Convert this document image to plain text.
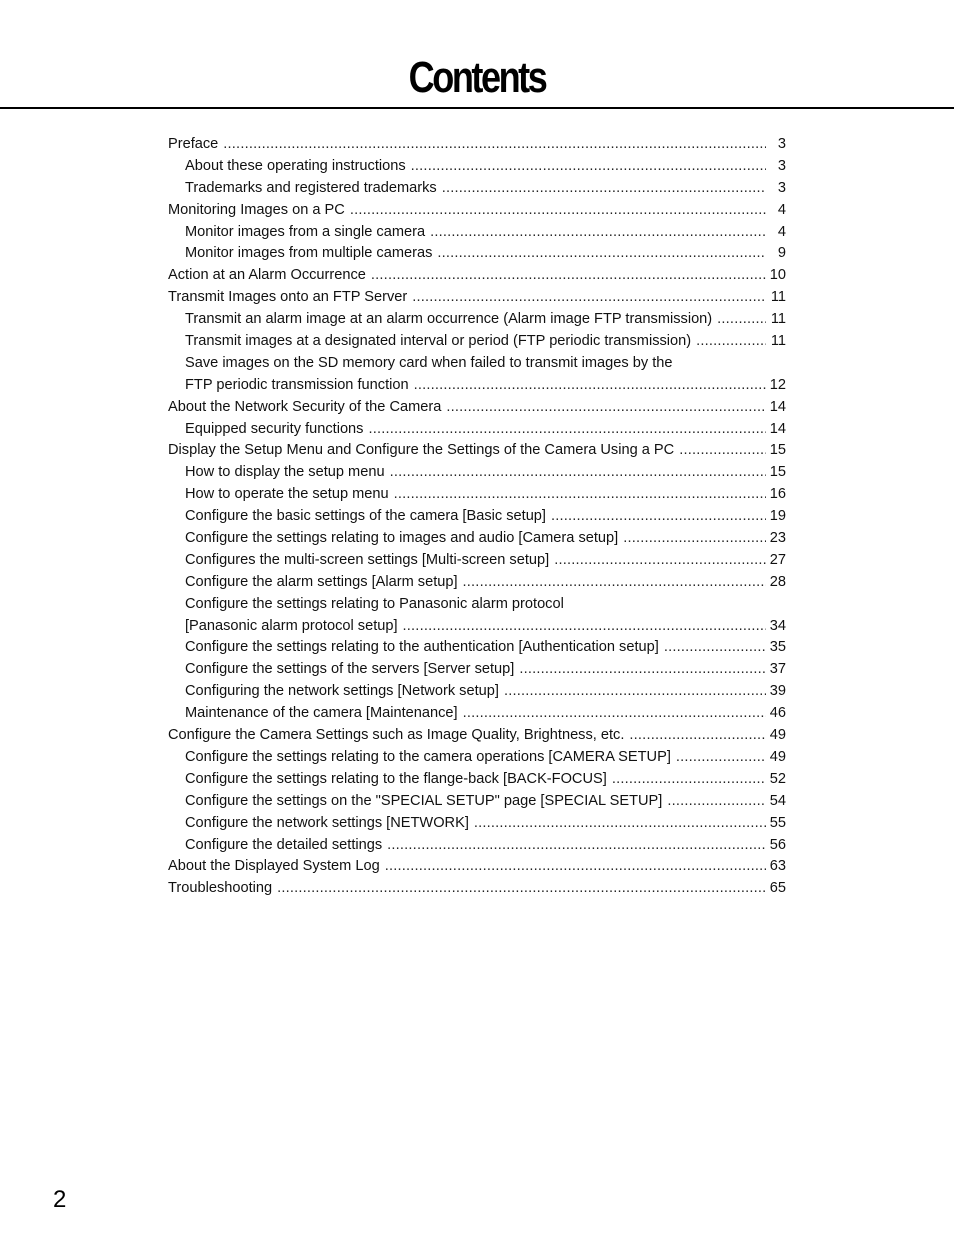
Contents
Preface .....	3
About these operating instructions .....	3
Trademarks and registered trademarks .....	3
Monitoring Images on a PC .....	4
Monitor images from a single camera .....	4
Monitor images from multiple cameras .....	9
Action at an Alarm Occurrence .....	10
Transmit Images onto an FTP Server .....	11
Transmit an alarm image at an alarm occurrence (Alarm image FTP transmission) .....	11
Transmit images at a designated interval or period (FTP periodic transmission) .....	11
Save images on the SD memory card when failed to transmit images by the
FTP periodic transmission function .....	12
About the Network Security of the Camera .....	14
Equipped security functions .....	14
Display the Setup Menu and Configure the Settings of the Camera Using a PC .....	15
How to display the setup menu .....	15
How to operate the setup menu .....	16
Configure the basic settings of the camera [Basic setup] .....	19
Configure the settings relating to images and audio [Camera setup] .....	23
Configures the multi-screen settings [Multi-screen setup] .....	27
Configure the alarm settings [Alarm setup] .....	28
Configure the settings relating to Panasonic alarm protocol
[Panasonic alarm protocol setup] .....	34
Configure the settings relating to the authentication [Authentication setup] .....	35
Configure the settings of the servers [Server setup] .....	37
Configuring the network settings [Network setup] .....	39
Maintenance of the camera [Maintenance] .....	46
Configure the Camera Settings such as Image Quality, Brightness, etc. .....	49
Configure the settings relating to the camera operations [CAMERA SETUP] .....	49
Configure the settings relating to the flange-back [BACK-FOCUS] .....	52
Configure the settings on the "SPECIAL SETUP" page [SPECIAL SETUP] .....	54
Configure the network settings [NETWORK] .....	55
Configure the detailed settings .....	56
About the Displayed System Log .....	63
Troubleshooting .....	65
2
